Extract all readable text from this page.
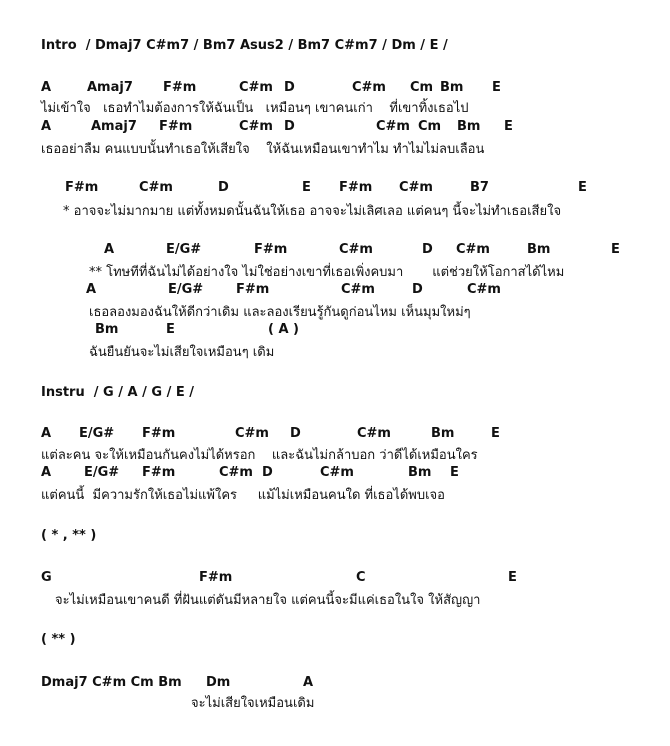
Intro  / Dmaj7 C#m7 / Bm7 Asus2 / Bm7 C#m7 / Dm / E /
A	Amaj7 F#m	C#m D	C#m Cm Bm E
ไม่เข้าใจ   เธอทำไมต้องการให้ฉันเป็น   เหมือนๆ เขาคนเก่า    ที่เขาทิ้งเธอไป
A	Amaj7 F#m	C#m D	C#m Cm Bm E
เธออย่าลืม คนแบบนั้นทำเธอให้เสียใจ    ให้ฉันเหมือนเขาทำไม ทำไมไม่ลบเลือน
F#m	C#m	D	E F#m C#m	B7	E
* อาจจะไม่มากมาย แต่ทั้งหมดนั้นฉันให้เธอ อาจจะไม่เลิศเลอ แต่คนๆ นี้จะไม่ทำเธอเสียใจ
A	E/G#	F#m	C#m	D C#m	Bm	E
** โทษทีที่ฉันไม่ได้อย่างใจ ไม่ใช่อย่างเขาที่เธอเพิ่งคบมา       แต่ช่วยให้โอกาสได้ไหม
A	E/G#	F#m	C#m	D	C#m
เธอลองมองฉันให้ดีกว่าเดิม และลองเรียนรู้กันดูก่อนไหม เห็นมุมใหม่ๆ
Bm	E	( A )
ฉันยืนยันจะไม่เสียใจเหมือนๆ เดิม
Instru  / G / A / G / E /
A E/G# F#m	C#m D	C#m	Bm	E
แต่ละคน จะให้เหมือนกันคงไม่ได้หรอก    และฉันไม่กล้าบอก ว่าดีได้เหมือนใคร
A	E/G# F#m	C#m D	C#m	Bm E
แต่คนนี้  มีความรักให้เธอไม่แพ้ใคร     แม้ไม่เหมือนคนใด ที่เธอได้พบเจอ
( * , ** )
G	F#m	C	E
จะไม่เหมือนเขาคนดี ที่ฝันแต่ดันมีหลายใจ แต่คนนี้จะมีแค่เธอในใจ ให้สัญญา
( ** )
Dmaj7 C#m Cm Bm Dm	A
จะไม่เสียใจเหมือนเดิม
